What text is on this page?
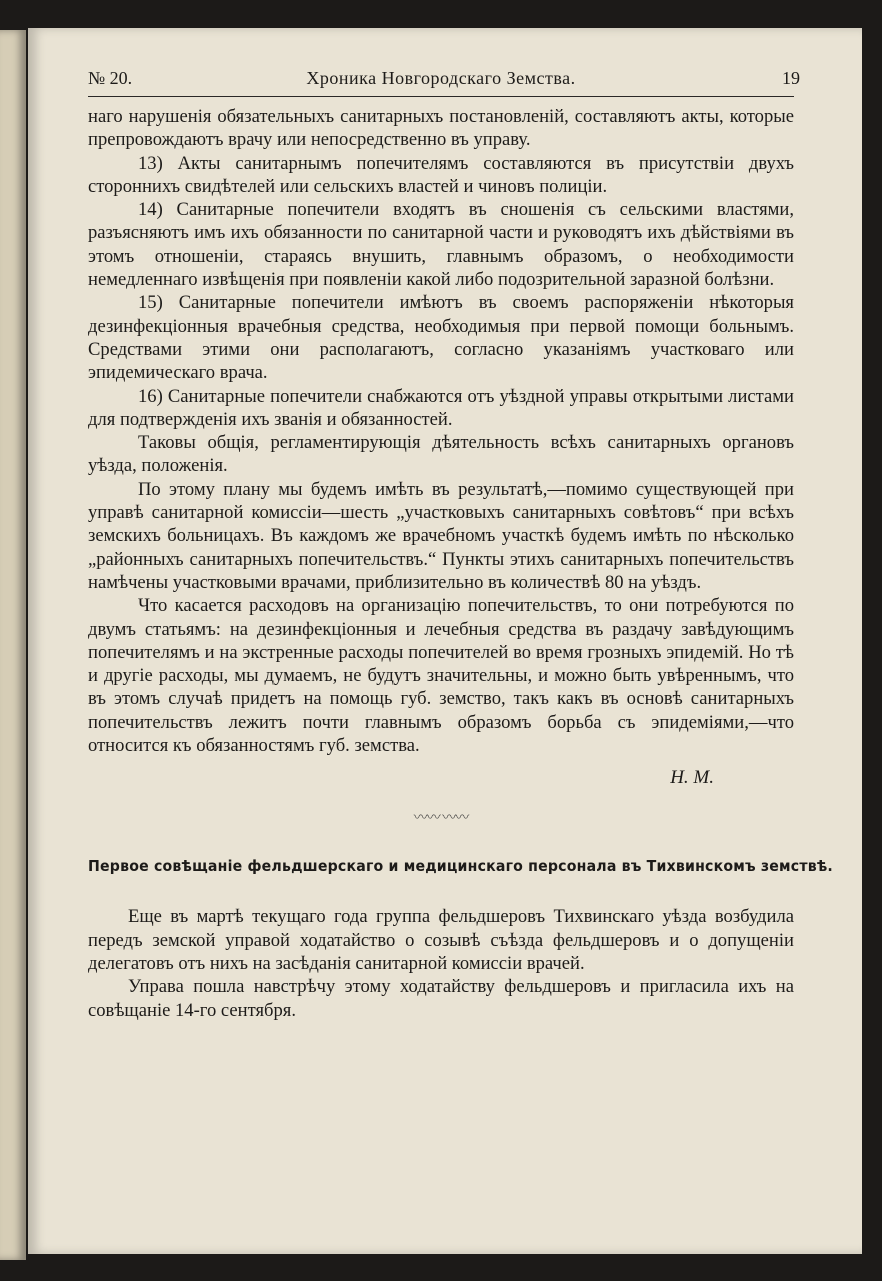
№ 20.	Хроника Новгородскаго Земства.	19

наго нарушенія обязательныхъ санитарныхъ постановленій, составляютъ акты, которые препровождаютъ врачу или непосредственно въ управу.

13) Акты санитарнымъ попечителямъ составляются въ присутствіи двухъ стороннихъ свидѣтелей или сельскихъ властей и чиновъ полиціи.

14) Санитарные попечители входятъ въ сношенія съ сельскими властями, разъясняютъ имъ ихъ обязанности по санитарной части и руководятъ ихъ дѣйствіями въ этомъ отношеніи, стараясь внушить, главнымъ образомъ, о необходимости немедленнаго извѣщенія при появленіи какой либо подозрительной заразной болѣзни.

15) Санитарные попечители имѣютъ въ своемъ распоряженіи нѣкоторыя дезинфекціонныя врачебныя средства, необходимыя при первой помощи больнымъ. Средствами этими они располагаютъ, согласно указаніямъ участковаго или эпидемическаго врача.

16) Санитарные попечители снабжаются отъ уѣздной управы открытыми листами для подтвержденія ихъ званія и обязанностей.

Таковы общія, регламентирующія дѣятельность всѣхъ санитарныхъ органовъ уѣзда, положенія.

По этому плану мы будемъ имѣть въ результатѣ,—помимо существующей при управѣ санитарной комиссіи—шесть „участковыхъ санитарныхъ совѣтовъ“ при всѣхъ земскихъ больницахъ. Въ каждомъ же врачебномъ участкѣ будемъ имѣть по нѣсколько „районныхъ санитарныхъ попечительствъ.“ Пункты этихъ санитарныхъ попечительствъ намѣчены участковыми врачами, приблизительно въ количествѣ 80 на уѣздъ.

Что касается расходовъ на организацію попечительствъ, то они потребуются по двумъ статьямъ: на дезинфекціонныя и лечебныя средства въ раздачу завѣдующимъ попечителямъ и на экстренные расходы попечителей во время грозныхъ эпидемій. Но тѣ и другіе расходы, мы думаемъ, не будутъ значительны, и можно быть увѣреннымъ, что въ этомъ случаѣ придетъ на помощь губ. земство, такъ какъ въ основѣ санитарныхъ попечительствъ лежитъ почти главнымъ образомъ борьба съ эпидеміями,—что относится къ обязанностямъ губ. земства.

Н. М.
〰〰 〰〰
Первое совѣщаніе фельдшерскаго и медицинскаго персонала въ Тихвинскомъ земствѣ.

Еще въ мартѣ текущаго года группа фельдшеровъ Тихвинскаго уѣзда возбудила передъ земской управой ходатайство о созывѣ съѣзда фельдшеровъ и о допущеніи делегатовъ отъ нихъ на засѣданія санитарной комиссіи врачей.

Управа пошла навстрѣчу этому ходатайству фельдшеровъ и пригласила ихъ на совѣщаніе 14-го сентября.
